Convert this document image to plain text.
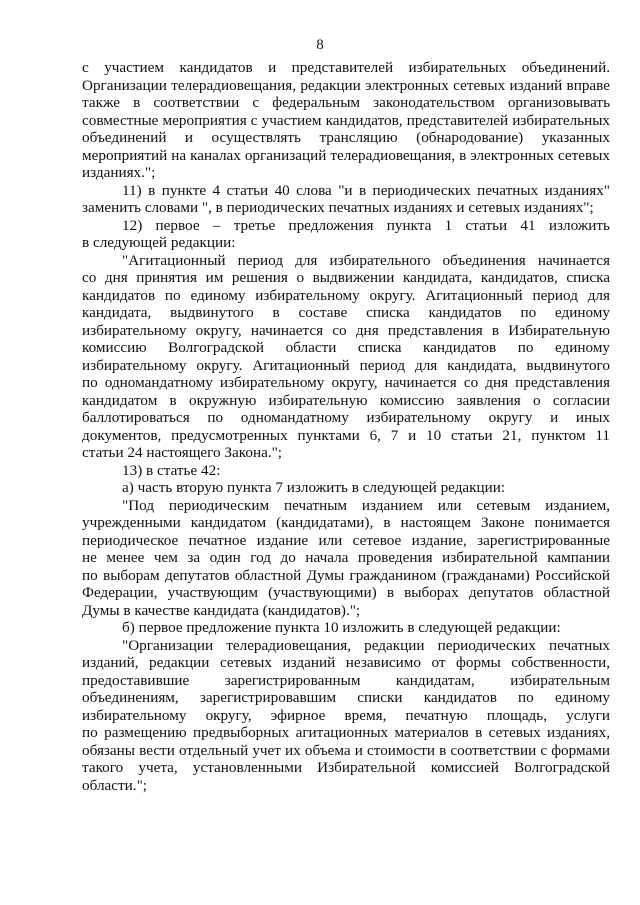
8
с участием кандидатов и представителей избирательных объединений.
Организации телерадиовещания, редакции электронных сетевых изданий вправе
также в соответствии с федеральным законодательством организовывать
совместные мероприятия с участием кандидатов, представителей избирательных
объединений и осуществлять трансляцию (обнародование) указанных
мероприятий на каналах организаций телерадиовещания, в электронных сетевых
изданиях.";
11) в пункте 4 статьи 40 слова "и в периодических печатных изданиях"
заменить словами ", в периодических печатных изданиях и сетевых изданиях";
12) первое – третье предложения пункта 1 статьи 41 изложить
в следующей редакции:
"Агитационный период для избирательного объединения начинается
со дня принятия им решения о выдвижении кандидата, кандидатов, списка
кандидатов по единому избирательному округу. Агитационный период для
кандидата, выдвинутого в составе списка кандидатов по единому
избирательному округу, начинается со дня представления в Избирательную
комиссию Волгоградской области списка кандидатов по единому
избирательному округу. Агитационный период для кандидата, выдвинутого
по одномандатному избирательному округу, начинается со дня представления
кандидатом в окружную избирательную комиссию заявления о согласии
баллотироваться по одномандатному избирательному округу и иных
документов, предусмотренных пунктами 6, 7 и 10 статьи 21, пунктом 11
статьи 24 настоящего Закона.";
13) в статье 42:
а) часть вторую пункта 7 изложить в следующей редакции:
"Под периодическим печатным изданием или сетевым изданием,
учрежденными кандидатом (кандидатами), в настоящем Законе понимается
периодическое печатное издание или сетевое издание, зарегистрированные
не менее чем за один год до начала проведения избирательной кампании
по выборам депутатов областной Думы гражданином (гражданами) Российской
Федерации, участвующим (участвующими) в выборах депутатов областной
Думы в качестве кандидата (кандидатов).";
б) первое предложение пункта 10 изложить в следующей редакции:
"Организации телерадиовещания, редакции периодических печатных
изданий, редакции сетевых изданий независимо от формы собственности,
предоставившие зарегистрированным кандидатам, избирательным
объединениям, зарегистрировавшим списки кандидатов по единому
избирательному округу, эфирное время, печатную площадь, услуги
по размещению предвыборных агитационных материалов в сетевых изданиях,
обязаны вести отдельный учет их объема и стоимости в соответствии с формами
такого учета, установленными Избирательной комиссией Волгоградской
области.";
